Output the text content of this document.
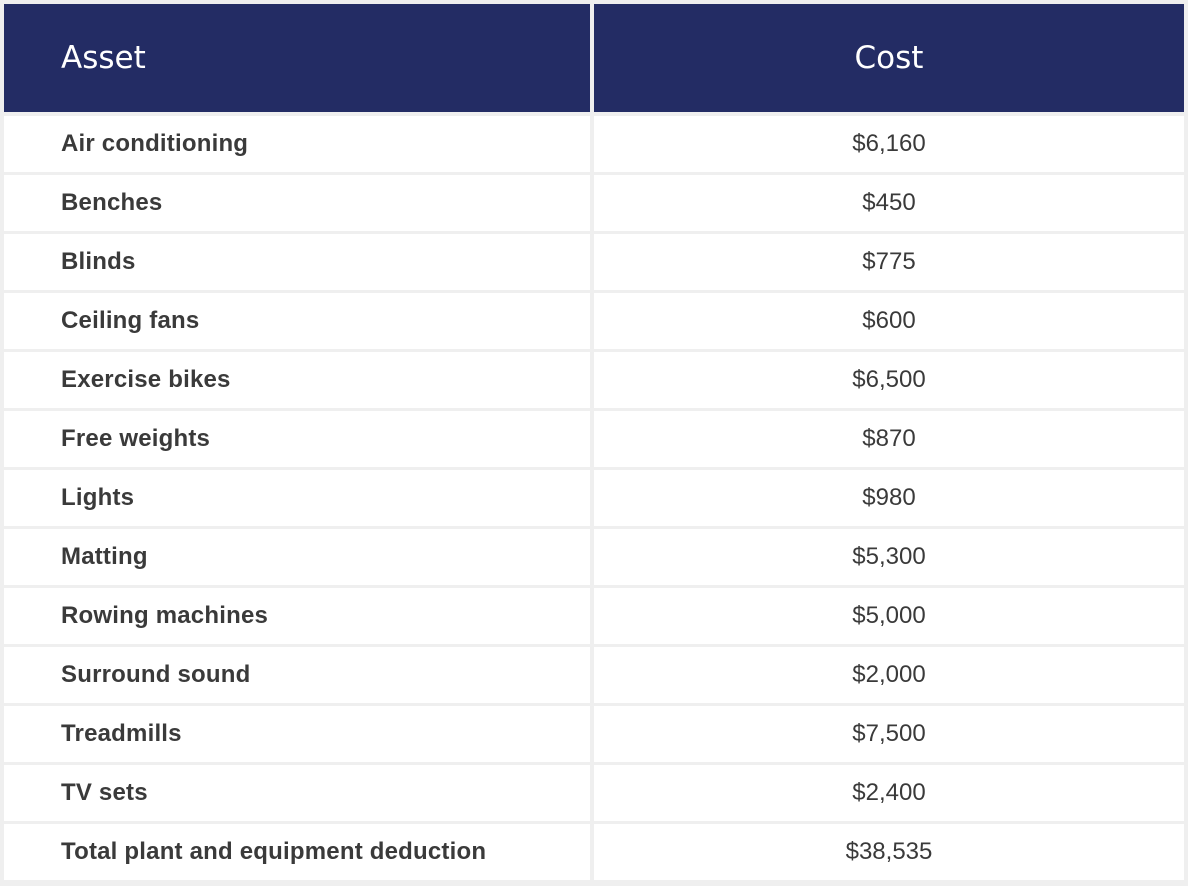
Asset	Cost
Air conditioning	$6,160
Benches	$450
Blinds	$775
Ceiling fans	$600
Exercise bikes	$6,500
Free weights	$870
Lights	$980
Matting	$5,300
Rowing machines	$5,000
Surround sound	$2,000
Treadmills	$7,500
TV sets	$2,400
Total plant and equipment deduction	$38,535
